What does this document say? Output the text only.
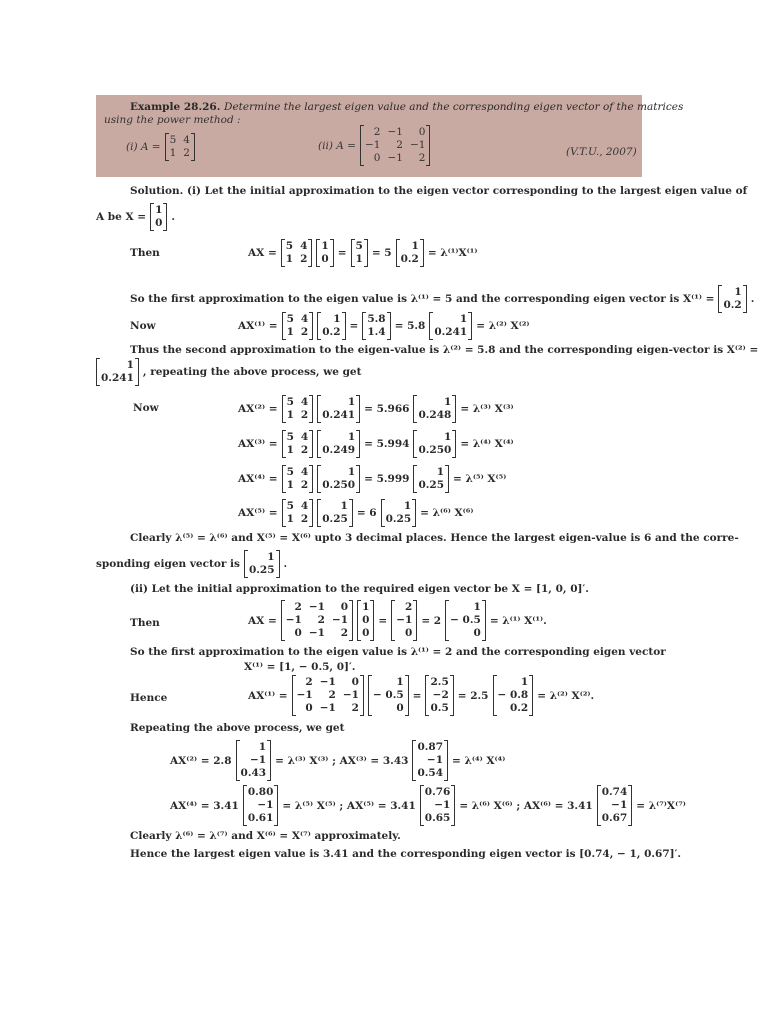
Example 28.26. Determine the largest eigen value and the corresponding eigen vector of the matrices
using the power method :
(i) A =
5 4
1 2
(ii) A =
2 −1	0
−1	2 −1
0 −1	2	(V.T.U., 2007)
Solution. (i) Let the initial approximation to the eigen vector corresponding to the largest eigen value of
A be X =
1
0 .
Then	AX =
5 4
1 2
1
0 =
5
1 = 5
1
0.2 = λ⁽¹⁾X⁽¹⁾
So the first approximation to the eigen value is λ⁽¹⁾ = 5 and the corresponding eigen vector is X⁽¹⁾ =
1
0.2 .
Now	AX⁽¹⁾ =
5 4
1 2
1
0.2 =
5.8
1.4 = 5.8
1
0.241 = λ⁽²⁾ X⁽²⁾
Thus the second approximation to the eigen-value is λ⁽²⁾ = 5.8 and the corresponding eigen-vector is X⁽²⁾ =
1
0.241 , repeating the above process, we get
Now	AX⁽²⁾ =
5 4
1 2
1
0.241 = 5.966
1
0.248 = λ⁽³⁾ X⁽³⁾
AX⁽³⁾ =
5 4
1 2
1
0.249 = 5.994
1
0.250 = λ⁽⁴⁾ X⁽⁴⁾
AX⁽⁴⁾ =
5 4
1 2
1
0.250 = 5.999
1
0.25 = λ⁽⁵⁾ X⁽⁵⁾
AX⁽⁵⁾ =
5 4
1 2
1
0.25 = 6
1
0.25 = λ⁽⁶⁾ X⁽⁶⁾
Clearly λ⁽⁵⁾ = λ⁽⁶⁾ and X⁽⁵⁾ = X⁽⁶⁾ upto 3 decimal places. Hence the largest eigen-value is 6 and the corre-
sponding eigen vector is
1
0.25 .
(ii) Let the initial approximation to the required eigen vector be X = [1, 0, 0]′.
Then	AX =
2 −1	0
−1	2 −1
0 −1	2
1
0
0
=
2
−1
0
= 2
1
− 0.5
0
= λ⁽¹⁾ X⁽¹⁾.
So the first approximation to the eigen value is λ⁽¹⁾ = 2 and the corresponding eigen vector
X⁽¹⁾ = [1, − 0.5, 0]′.
Hence	AX⁽¹⁾ =
2 −1	0
−1	2 −1
0 −1	2
1
− 0.5
0
=
2.5
−2
0.5
= 2.5
1
− 0.8
0.2
= λ⁽²⁾ X⁽²⁾.
Repeating the above process, we get
AX⁽²⁾ = 2.8
1
−1
0.43
= λ⁽³⁾ X⁽³⁾ ; AX⁽³⁾ = 3.43
0.87
−1
0.54
= λ⁽⁴⁾ X⁽⁴⁾
AX⁽⁴⁾ = 3.41
0.80
−1
0.61
= λ⁽⁵⁾ X⁽⁵⁾ ; AX⁽⁵⁾ = 3.41
0.76
−1
0.65
= λ⁽⁶⁾ X⁽⁶⁾ ; AX⁽⁶⁾ = 3.41
0.74
−1
0.67
= λ⁽⁷⁾X⁽⁷⁾
Clearly λ⁽⁶⁾ = λ⁽⁷⁾ and X⁽⁶⁾ = X⁽⁷⁾ approximately.
Hence the largest eigen value is 3.41 and the corresponding eigen vector is [0.74, − 1, 0.67]′.
